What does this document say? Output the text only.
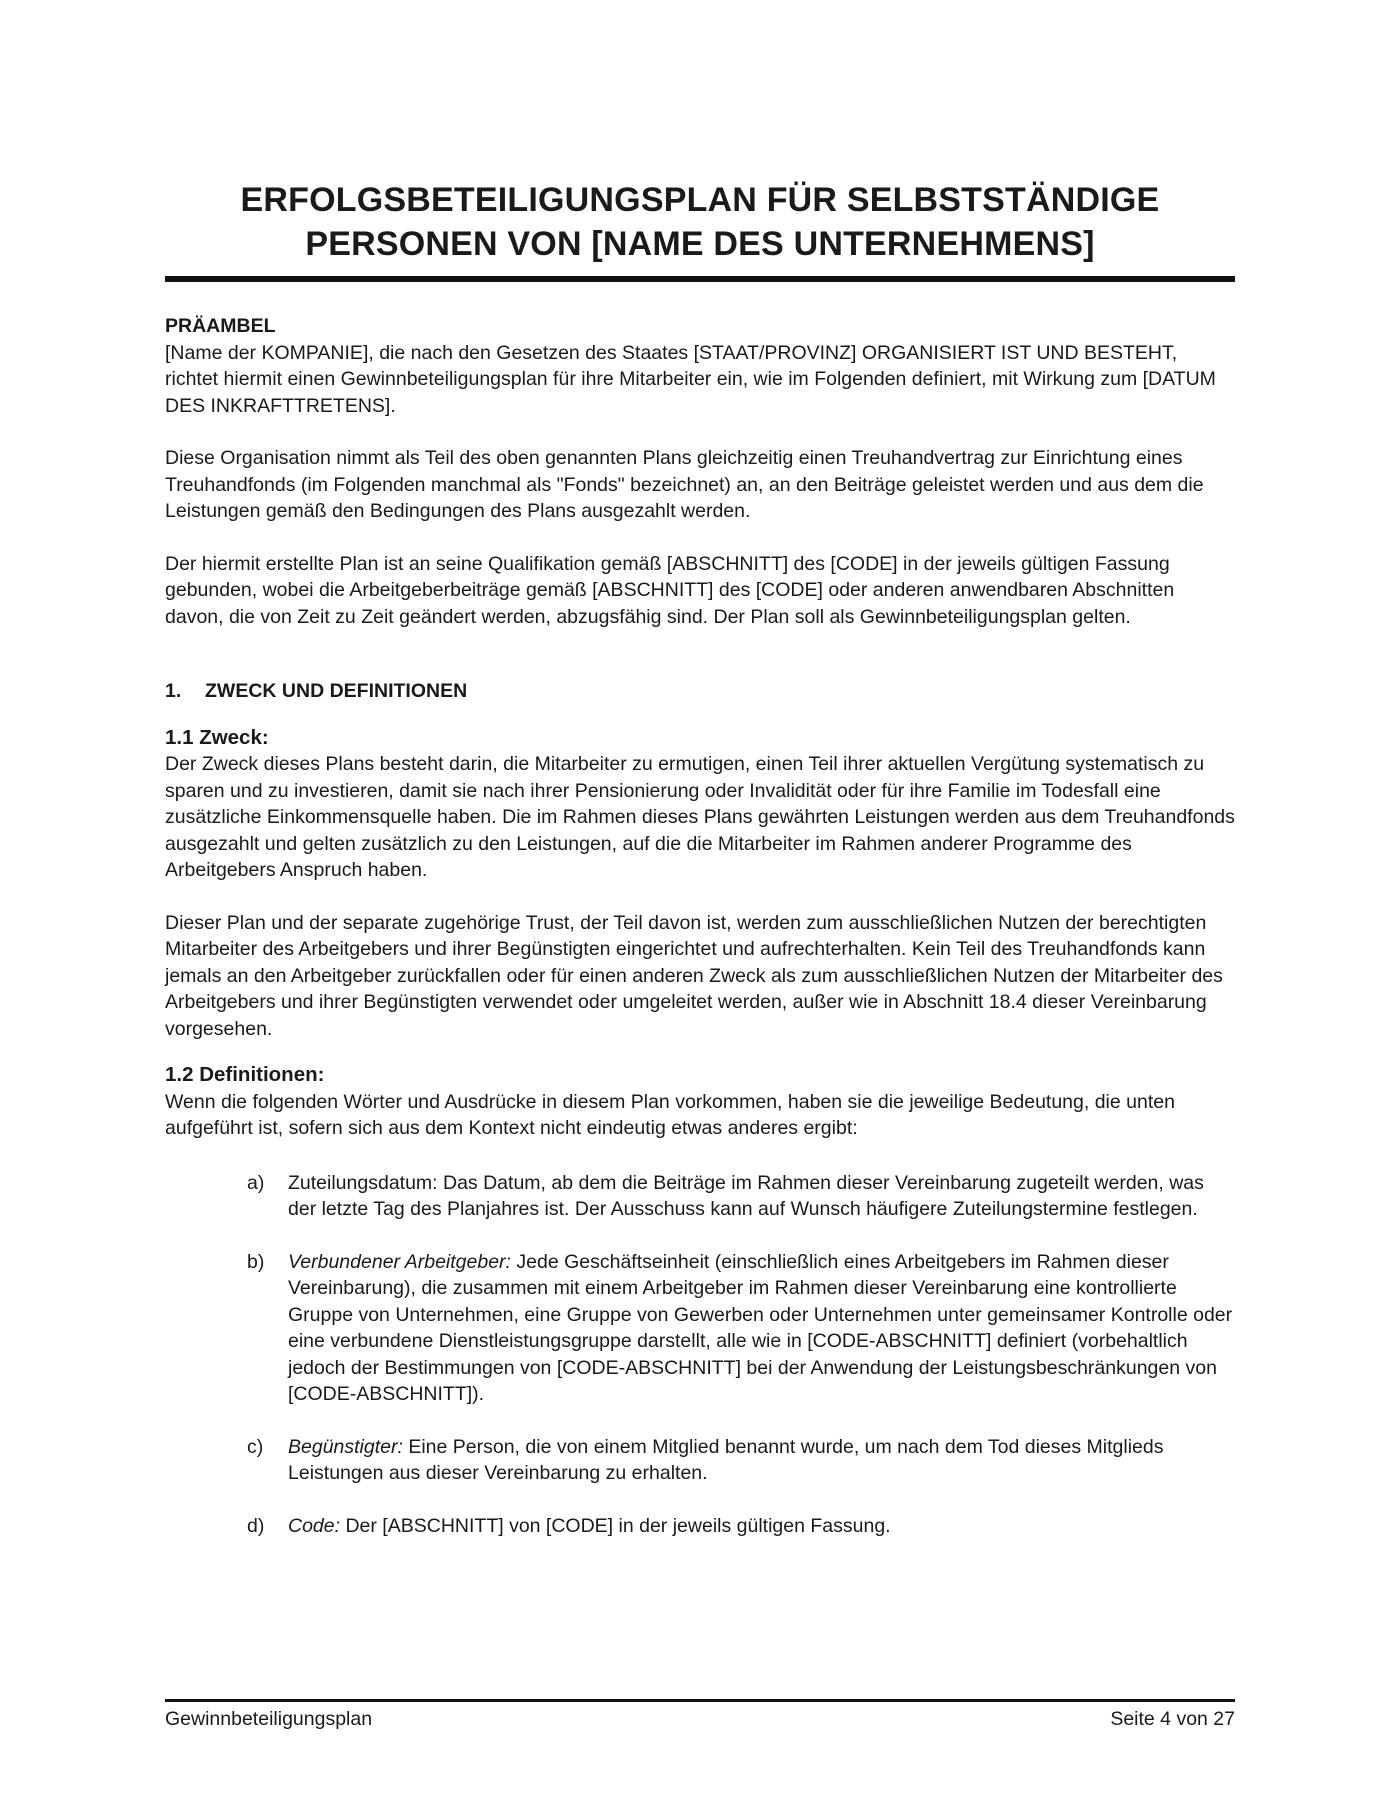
ERFOLGSBETEILIGUNGSPLAN FÜR SELBSTSTÄNDIGE
PERSONEN VON [NAME DES UNTERNEHMENS]

PRÄAMBEL

[Name der KOMPANIE], die nach den Gesetzen des Staates [STAAT/PROVINZ] ORGANISIERT IST UND BESTEHT, richtet hiermit einen Gewinnbeteiligungsplan für ihre Mitarbeiter ein, wie im Folgenden definiert, mit Wirkung zum [DATUM DES INKRAFTTRETENS].

Diese Organisation nimmt als Teil des oben genannten Plans gleichzeitig einen Treuhandvertrag zur Einrichtung eines Treuhandfonds (im Folgenden manchmal als "Fonds" bezeichnet) an, an den Beiträge geleistet werden und aus dem die Leistungen gemäß den Bedingungen des Plans ausgezahlt werden.

Der hiermit erstellte Plan ist an seine Qualifikation gemäß [ABSCHNITT] des [CODE] in der jeweils gültigen Fassung gebunden, wobei die Arbeitgeberbeiträge gemäß [ABSCHNITT] des [CODE] oder anderen anwendbaren Abschnitten davon, die von Zeit zu Zeit geändert werden, abzugsfähig sind. Der Plan soll als Gewinnbeteiligungsplan gelten.

1.	ZWECK UND DEFINITIONEN

1.1 Zweck:

Der Zweck dieses Plans besteht darin, die Mitarbeiter zu ermutigen, einen Teil ihrer aktuellen Vergütung systematisch zu sparen und zu investieren, damit sie nach ihrer Pensionierung oder Invalidität oder für ihre Familie im Todesfall eine zusätzliche Einkommensquelle haben. Die im Rahmen dieses Plans gewährten Leistungen werden aus dem Treuhandfonds ausgezahlt und gelten zusätzlich zu den Leistungen, auf die die Mitarbeiter im Rahmen anderer Programme des Arbeitgebers Anspruch haben.

Dieser Plan und der separate zugehörige Trust, der Teil davon ist, werden zum ausschließlichen Nutzen der berechtigten Mitarbeiter des Arbeitgebers und ihrer Begünstigten eingerichtet und aufrechterhalten. Kein Teil des Treuhandfonds kann jemals an den Arbeitgeber zurückfallen oder für einen anderen Zweck als zum ausschließlichen Nutzen der Mitarbeiter des Arbeitgebers und ihrer Begünstigten verwendet oder umgeleitet werden, außer wie in Abschnitt 18.4 dieser Vereinbarung vorgesehen.

1.2 Definitionen:

Wenn die folgenden Wörter und Ausdrücke in diesem Plan vorkommen, haben sie die jeweilige Bedeutung, die unten aufgeführt ist, sofern sich aus dem Kontext nicht eindeutig etwas anderes ergibt:

a) Zuteilungsdatum: Das Datum, ab dem die Beiträge im Rahmen dieser Vereinbarung zugeteilt werden, was der letzte Tag des Planjahres ist. Der Ausschuss kann auf Wunsch häufigere Zuteilungstermine festlegen.
b) Verbundener Arbeitgeber: Jede Geschäftseinheit (einschließlich eines Arbeitgebers im Rahmen dieser Vereinbarung), die zusammen mit einem Arbeitgeber im Rahmen dieser Vereinbarung eine kontrollierte Gruppe von Unternehmen, eine Gruppe von Gewerben oder Unternehmen unter gemeinsamer Kontrolle oder eine verbundene Dienstleistungsgruppe darstellt, alle wie in [CODE-ABSCHNITT] definiert (vorbehaltlich jedoch der Bestimmungen von [CODE-ABSCHNITT] bei der Anwendung der Leistungsbeschränkungen von [CODE-ABSCHNITT]).
c) Begünstigter: Eine Person, die von einem Mitglied benannt wurde, um nach dem Tod dieses Mitglieds Leistungen aus dieser Vereinbarung zu erhalten.
d) Code: Der [ABSCHNITT] von [CODE] in der jeweils gültigen Fassung.
Gewinnbeteiligungsplan	Seite 4 von 27
